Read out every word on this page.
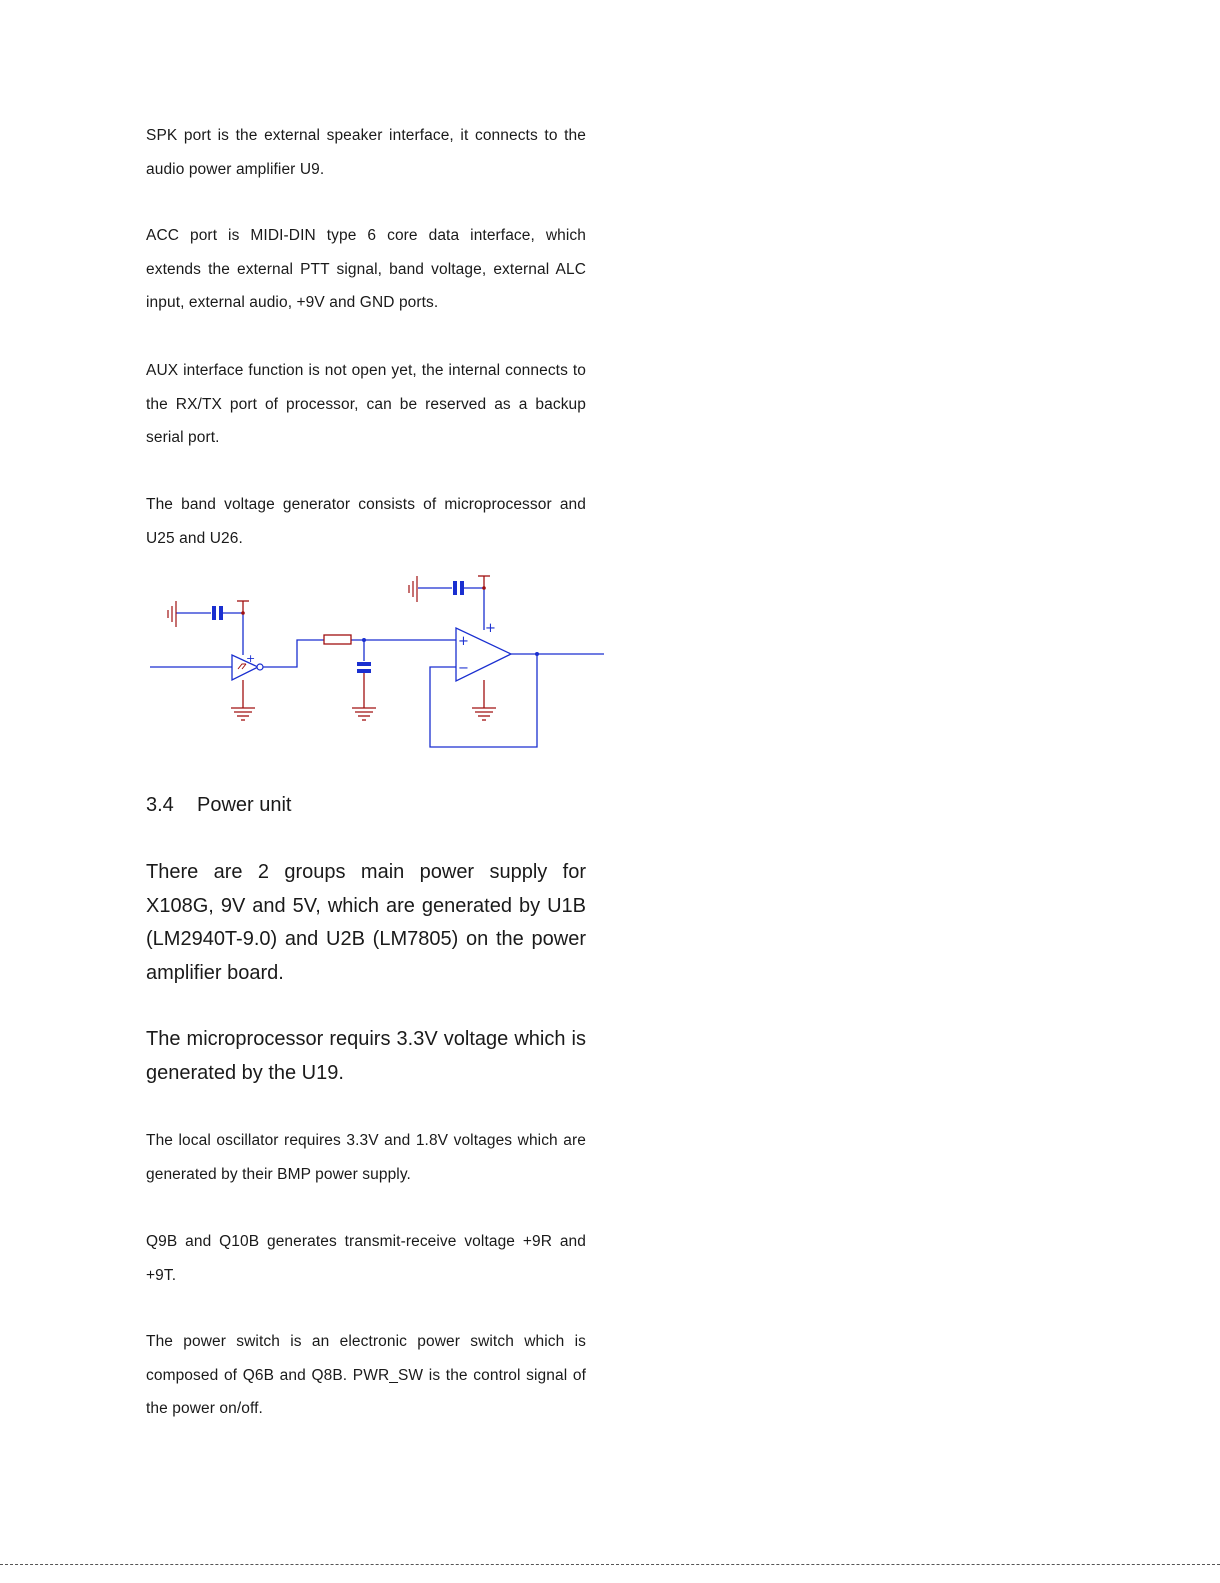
SPK port is the external speaker interface, it connects to the audio power amplifier U9.

ACC port is MIDI-DIN type 6 core data interface, which extends the external PTT signal, band voltage, external ALC input, external audio, +9V and GND ports.

AUX interface function is not open yet, the internal connects to the RX/TX port of processor, can be reserved as a backup serial port.

The band voltage generator consists of microprocessor and U25 and U26.

+
+
−
+
3.4 Power unit

There are 2 groups main power supply for X108G, 9V and 5V, which are generated by U1B (LM2940T-9.0) and U2B (LM7805) on the power amplifier board.

The microprocessor requirs 3.3V voltage which is generated by the U19.

The local oscillator requires 3.3V and 1.8V voltages which are generated by their BMP power supply.

Q9B and Q10B generates transmit-receive voltage +9R and +9T.

The power switch is an electronic power switch which is composed of Q6B and Q8B. PWR_SW is the control signal of the power on/off.
